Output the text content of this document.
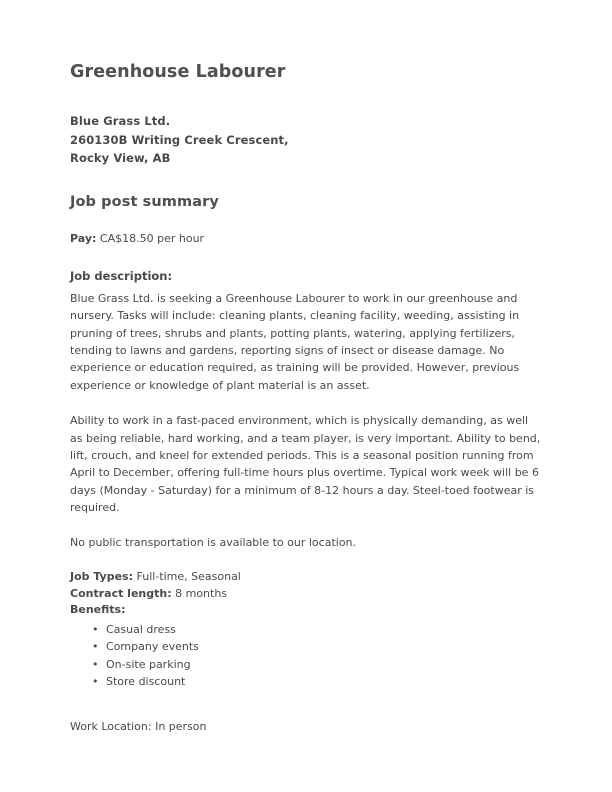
Greenhouse Labourer
Blue Grass Ltd.
260130B Writing Creek Crescent,
Rocky View, AB
Job post summary

Pay: CA$18.50 per hour

Job description:

Blue Grass Ltd. is seeking a Greenhouse Labourer to work in our greenhouse and nursery. Tasks will include: cleaning plants, cleaning facility, weeding, assisting in pruning of trees, shrubs and plants, potting plants, watering, applying fertilizers, tending to lawns and gardens, reporting signs of insect or disease damage. No experience or education required, as training will be provided. However, previous experience or knowledge of plant material is an asset.

Ability to work in a fast-paced environment, which is physically demanding, as well as being reliable, hard working, and a team player, is very important. Ability to bend, lift, crouch, and kneel for extended periods. This is a seasonal position running from April to December, offering full-time hours plus overtime. Typical work week will be 6 days (Monday - Saturday) for a minimum of 8-12 hours a day. Steel-toed footwear is required.

No public transportation is available to our location.

Job Types: Full-time, Seasonal

Contract length: 8 months

Benefits:

• Casual dress
• Company events
• On-site parking
• Store discount

Work Location: In person
